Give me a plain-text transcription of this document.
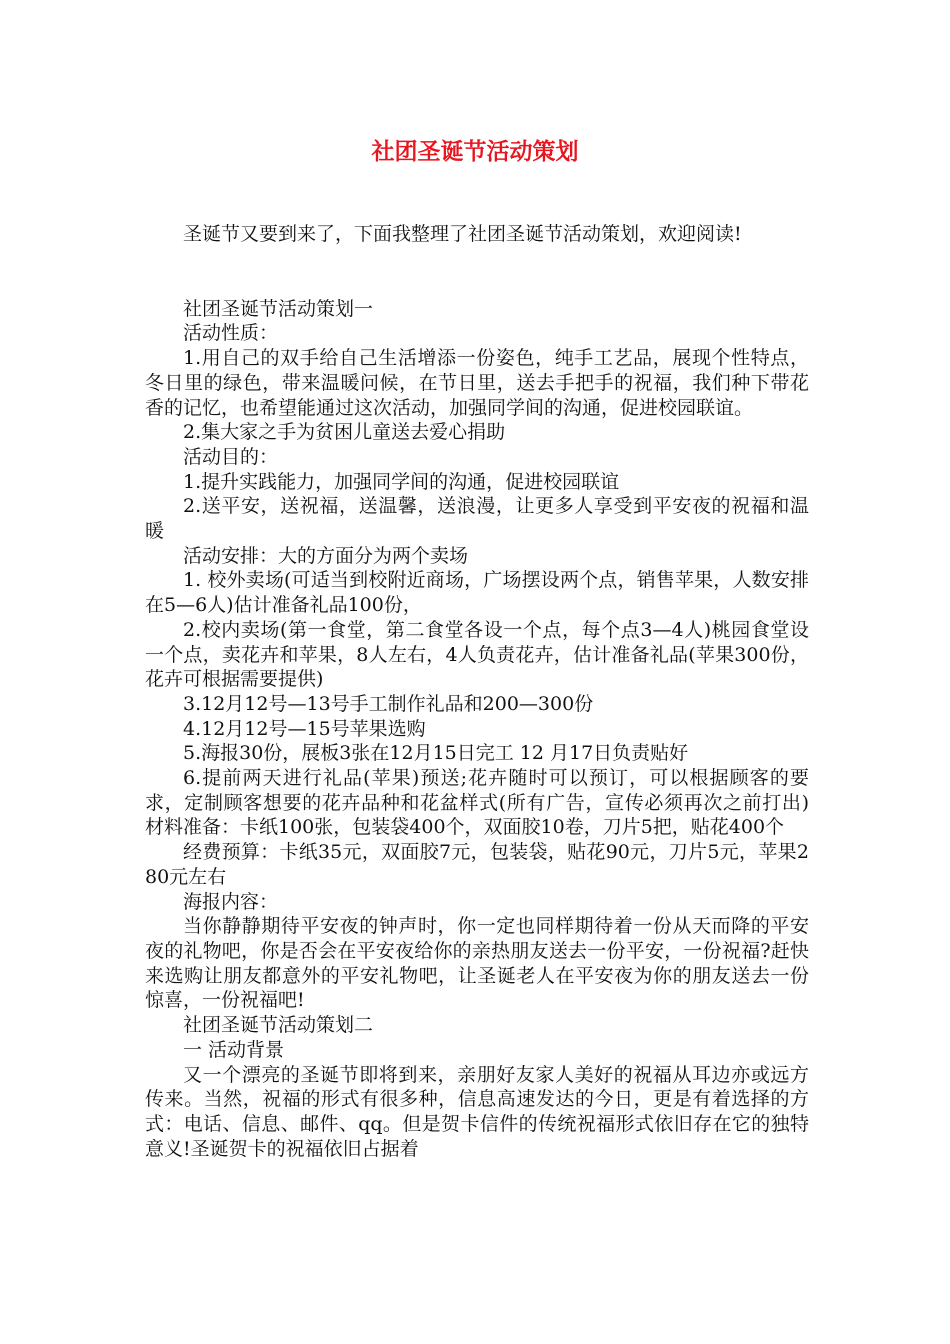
社团圣诞节活动策划

圣诞节又要到来了，下面我整理了社团圣诞节活动策划，欢迎阅读!

社团圣诞节活动策划一

活动性质：

1.用自己的双手给自己生活增添一份姿色，纯手工艺品，展现个性特点，冬日里的绿色，带来温暖问候，在节日里，送去手把手的祝福，我们种下带花香的记忆，也希望能通过这次活动，加强同学间的沟通，促进校园联谊。

2.集大家之手为贫困儿童送去爱心捐助

活动目的：

1.提升实践能力，加强同学间的沟通，促进校园联谊

2.送平安，送祝福，送温馨，送浪漫，让更多人享受到平安夜的祝福和温暖

活动安排：大的方面分为两个卖场

1. 校外卖场(可适当到校附近商场，广场摆设两个点，销售苹果，人数安排在5—6人)估计准备礼品100份，

2.校内卖场(第一食堂，第二食堂各设一个点，每个点3—4人)桃园食堂设一个点，卖花卉和苹果，8人左右，4人负责花卉，估计准备礼品(苹果300份，花卉可根据需要提供)

3.12月12号—13号手工制作礼品和200—300份

4.12月12号—15号苹果选购

5.海报30份，展板3张在12月15日完工 12 月17日负责贴好

6.提前两天进行礼品(苹果)预送;花卉随时可以预订，可以根据顾客的要求，定制顾客想要的花卉品种和花盆样式(所有广告，宣传必须再次之前打出) 材料准备：卡纸100张，包装袋400个，双面胶10卷，刀片5把，贴花400个

经费预算：卡纸35元，双面胶7元，包装袋，贴花90元，刀片5元，苹果280元左右

海报内容：

当你静静期待平安夜的钟声时，你一定也同样期待着一份从天而降的平安夜的礼物吧，你是否会在平安夜给你的亲热朋友送去一份平安，一份祝福?赶快来选购让朋友都意外的平安礼物吧，让圣诞老人在平安夜为你的朋友送去一份惊喜，一份祝福吧!

社团圣诞节活动策划二

一 活动背景

又一个漂亮的圣诞节即将到来，亲朋好友家人美好的祝福从耳边亦或远方传来。当然，祝福的形式有很多种，信息高速发达的今日，更是有着选择的方式：电话、信息、邮件、qq。但是贺卡信件的传统祝福形式依旧存在它的独特意义!圣诞贺卡的祝福依旧占据着
